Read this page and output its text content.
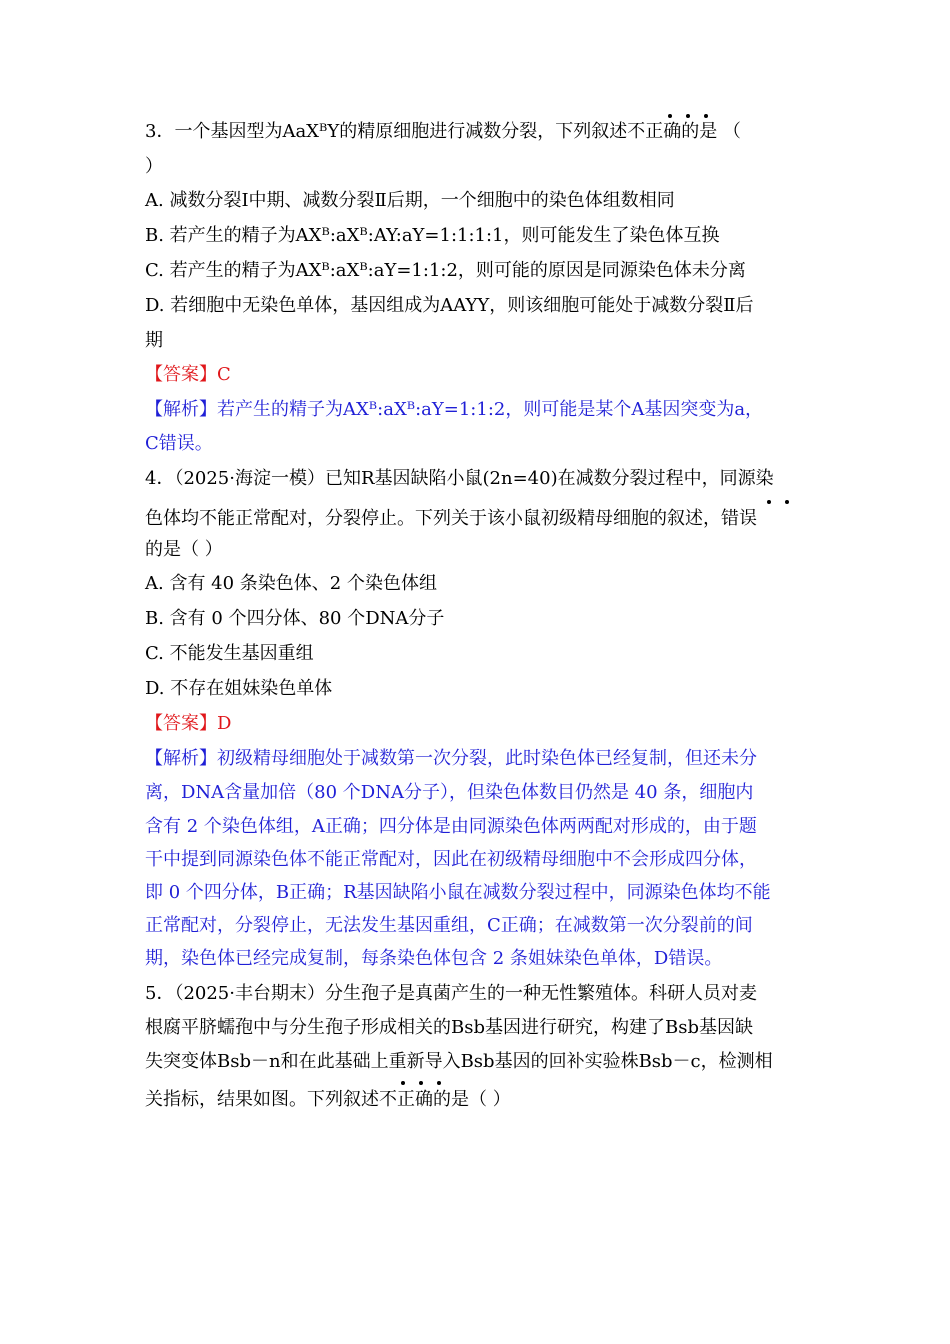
3．一个基因型为AaXᴮY的精原细胞进行减数分裂，下列叙述不正确的是 （
）
A. 减数分裂Ⅰ中期、减数分裂Ⅱ后期，一个细胞中的染色体组数相同
B. 若产生的精子为AXᴮ:aXᴮ:AY:aY=1:1:1:1，则可能发生了染色体互换
C. 若产生的精子为AXᴮ:aXᴮ:aY=1:1:2，则可能的原因是同源染色体未分离
D. 若细胞中无染色单体，基因组成为AAYY，则该细胞可能处于减数分裂Ⅱ后
期
【答案】C
【解析】若产生的精子为AXᴮ:aXᴮ:aY=1:1:2，则可能是某个A基因突变为a，
C错误。
4．（2025·海淀一模）已知R基因缺陷小鼠(2n=40)在减数分裂过程中，同源染
色体均不能正常配对，分裂停止。下列关于该小鼠初级精母细胞的叙述，错误
的是（ ）
A. 含有 40 条染色体、2 个染色体组
B. 含有 0 个四分体、80 个DNA分子
C. 不能发生基因重组
D. 不存在姐妹染色单体
【答案】D
【解析】初级精母细胞处于减数第一次分裂，此时染色体已经复制，但还未分
离，DNA含量加倍（80 个DNA分子），但染色体数目仍然是 40 条，细胞内
含有 2 个染色体组，A正确；四分体是由同源染色体两两配对形成的，由于题
干中提到同源染色体不能正常配对，因此在初级精母细胞中不会形成四分体，
即 0 个四分体，B正确；R基因缺陷小鼠在减数分裂过程中，同源染色体均不能
正常配对，分裂停止，无法发生基因重组，C正确；在减数第一次分裂前的间
期，染色体已经完成复制，每条染色体包含 2 条姐妹染色单体，D错误。
5．（2025·丰台期末）分生孢子是真菌产生的一种无性繁殖体。科研人员对麦
根腐平脐蠕孢中与分生孢子形成相关的Bsb基因进行研究，构建了Bsb基因缺
失突变体Bsb－n和在此基础上重新导入Bsb基因的回补实验株Bsb－c，检测相
关指标，结果如图。下列叙述不正确的是（ ）
